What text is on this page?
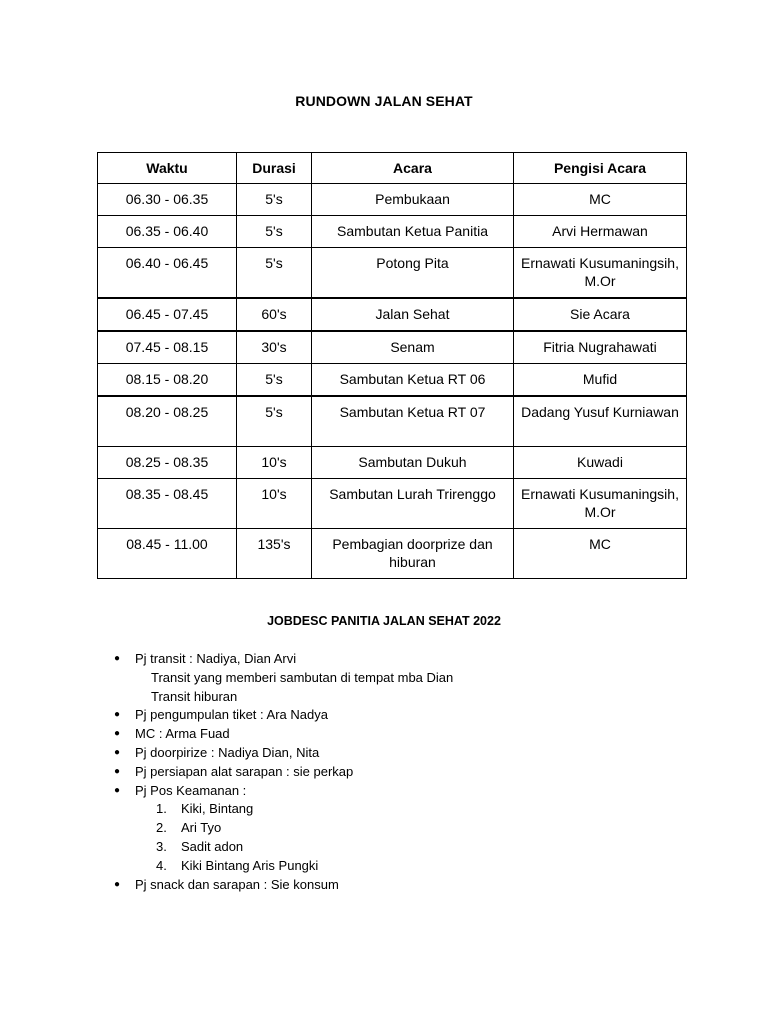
RUNDOWN JALAN SEHAT
Waktu	Durasi	Acara	Pengisi Acara
06.30 - 06.35	5's	Pembukaan	MC
06.35 - 06.40	5's	Sambutan Ketua Panitia	Arvi Hermawan
06.40 - 06.45	5's	Potong Pita	Ernawati Kusumaningsih, M.Or
06.45 - 07.45	60's	Jalan Sehat	Sie Acara
07.45 - 08.15	30's	Senam	Fitria Nugrahawati
08.15 - 08.20	5's	Sambutan Ketua RT 06	Mufid
08.20 - 08.25	5's	Sambutan Ketua RT 07	Dadang Yusuf Kurniawan
08.25 - 08.35	10's	Sambutan Dukuh	Kuwadi
08.35 - 08.45	10's	Sambutan Lurah Trirenggo	Ernawati Kusumaningsih, M.Or
08.45 - 11.00	135's	Pembagian doorprize dan hiburan	MC
JOBDESC PANITIA JALAN SEHAT 2022
●	Pj transit : Nadiya, Dian Arvi
Transit yang memberi sambutan di tempat mba Dian
Transit hiburan
●	Pj pengumpulan tiket : Ara Nadya
●	MC : Arma Fuad
●	Pj doorpirize : Nadiya Dian, Nita
●	Pj persiapan alat sarapan : sie perkap
●	Pj Pos Keamanan :
1.	Kiki, Bintang
2.	Ari Tyo
3.	Sadit adon
4.	Kiki Bintang Aris Pungki
●	Pj snack dan sarapan : Sie konsum
